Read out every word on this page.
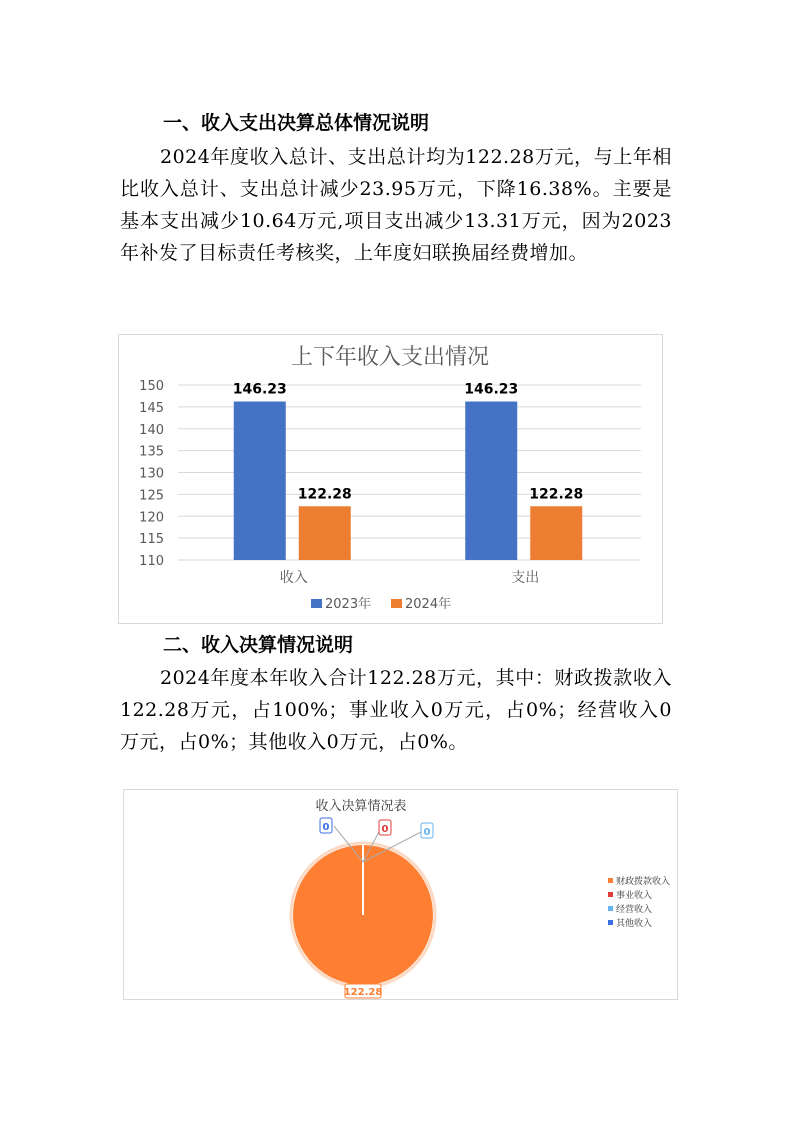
一、收入支出决算总体情况说明
2024年度收入总计、支出总计均为122.28万元，与上年相比收入总计、支出总计减少23.95万元，下降16.38%。主要是基本支出减少10.64万元,项目支出减少13.31万元，因为2023年补发了目标责任考核奖，上年度妇联换届经费增加。
上下年收入支出情况
110
115
120
125
130
135
140
145
150	146.23
122.28
收入
146.23
122.28
支出
2023年	2024年
二、收入决算情况说明
2024年度本年收入合计122.28万元，其中：财政拨款收入122.28万元，占100%；事业收入0万元，占0%；经营收入0万元，占0%；其他收入0万元，占0%。
收入决算情况表
0	0	0
122.28
财政拨款收入
事业收入
经营收入
其他收入
